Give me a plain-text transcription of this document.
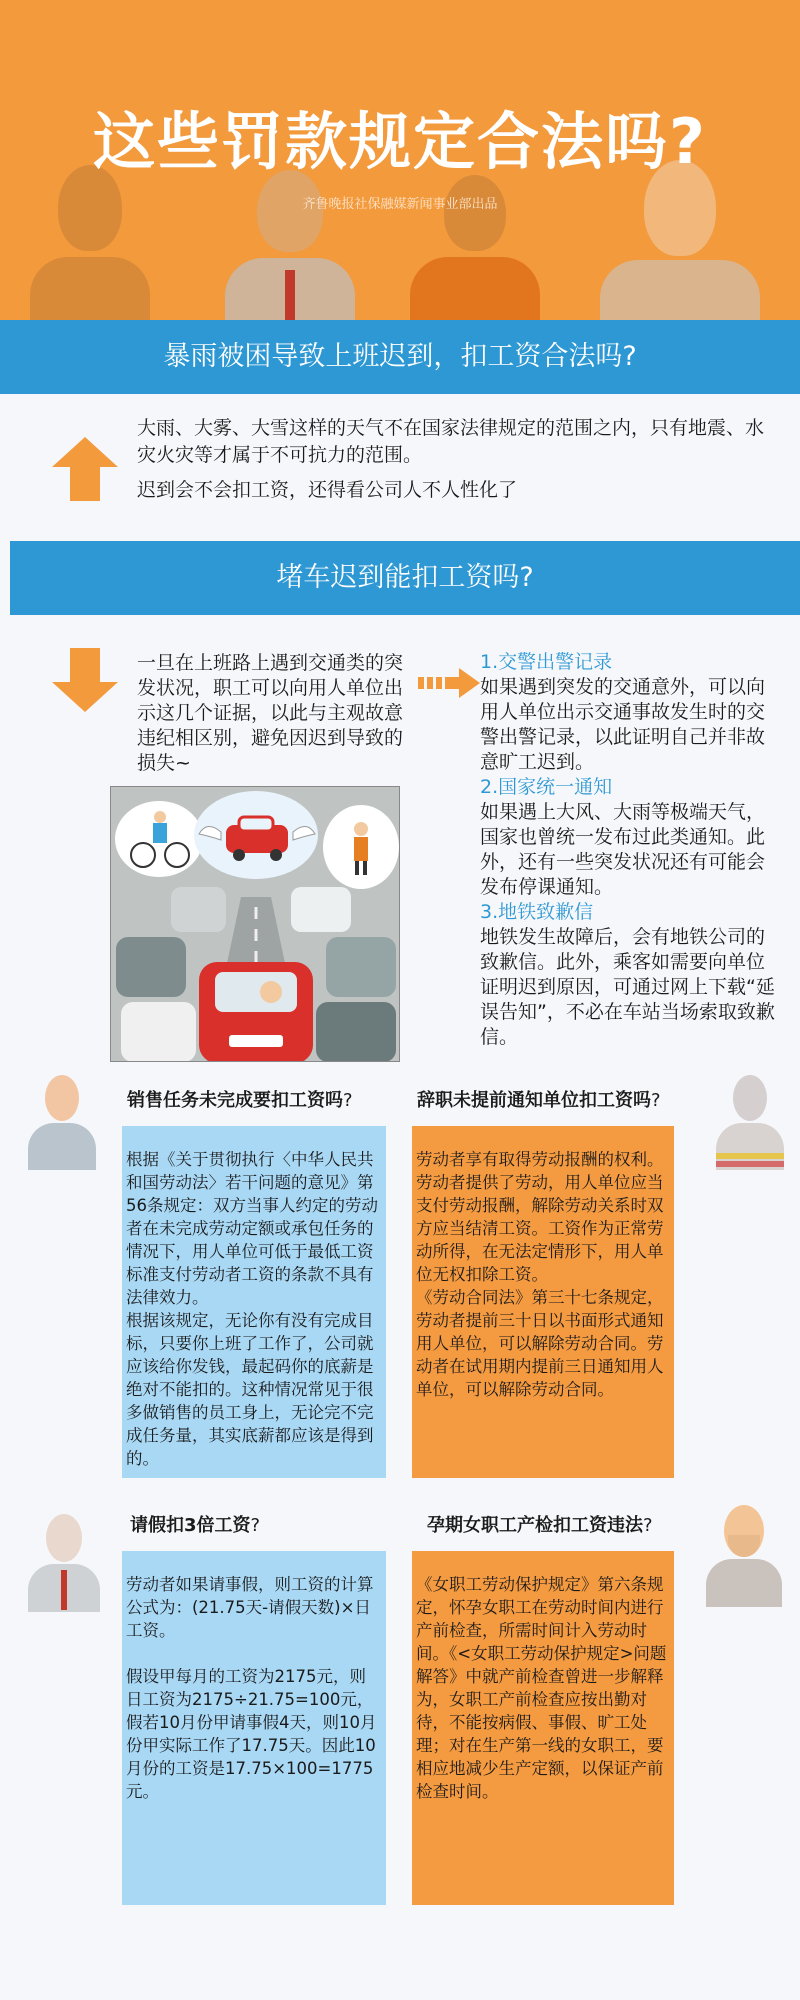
这些罚款规定合法吗?
齐鲁晚报社保融媒新闻事业部出品
暴雨被困导致上班迟到，扣工资合法吗?
大雨、大雾、大雪这样的天气不在国家法律规定的范围之内，只有地震、水灾火灾等才属于不可抗力的范围。
迟到会不会扣工资，还得看公司人不人性化了
堵车迟到能扣工资吗?
一旦在上班路上遇到交通类的突发状况，职工可以向用人单位出示这几个证据，以此与主观故意违纪相区别，避免因迟到导致的损失~
1.交警出警记录
如果遇到突发的交通意外，可以向用人单位出示交通事故发生时的交警出警记录，以此证明自己并非故意旷工迟到。
2.国家统一通知
如果遇上大风、大雨等极端天气，国家也曾统一发布过此类通知。此外，还有一些突发状况还有可能会发布停课通知。
3.地铁致歉信
地铁发生故障后，会有地铁公司的致歉信。此外，乘客如需要向单位证明迟到原因，可通过网上下载“延误告知”，不必在车站当场索取致歉信。
销售任务未完成要扣工资吗?	辞职未提前通知单位扣工资吗?
根据《关于贯彻执行〈中华人民共和国劳动法〉若干问题的意见》第56条规定：双方当事人约定的劳动者在未完成劳动定额或承包任务的情况下，用人单位可低于最低工资标准支付劳动者工资的条款不具有法律效力。
根据该规定，无论你有没有完成目标，只要你上班了工作了，公司就应该给你发钱，最起码你的底薪是绝对不能扣的。这种情况常见于很多做销售的员工身上，无论完不完成任务量，其实底薪都应该是得到的。
劳动者享有取得劳动报酬的权利。劳动者提供了劳动，用人单位应当支付劳动报酬，解除劳动关系时双方应当结清工资。工资作为正常劳动所得，在无法定情形下，用人单位无权扣除工资。
《劳动合同法》第三十七条规定，劳动者提前三十日以书面形式通知用人单位，可以解除劳动合同。劳动者在试用期内提前三日通知用人单位，可以解除劳动合同。
请假扣3倍工资?	孕期女职工产检扣工资违法?
劳动者如果请事假，则工资的计算公式为：(21.75天-请假天数)×日工资。

假设甲每月的工资为2175元，则日工资为2175÷21.75=100元，假若10月份甲请事假4天，则10月份甲实际工作了17.75天。因此10月份的工资是17.75×100=1775元。
《女职工劳动保护规定》第六条规定，怀孕女职工在劳动时间内进行产前检查，所需时间计入劳动时间。《<女职工劳动保护规定>问题解答》中就产前检查曾进一步解释为，女职工产前检查应按出勤对待，不能按病假、事假、旷工处理；对在生产第一线的女职工，要相应地减少生产定额，以保证产前检查时间。
